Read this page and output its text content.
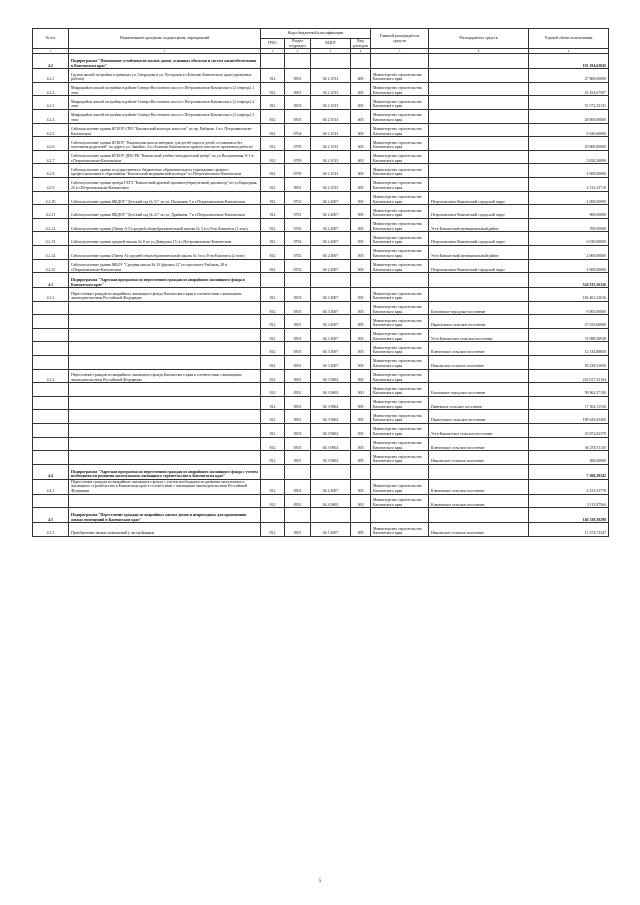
№ п/п	Наименование программ, подпрограмм, мероприятий	Коды бюджетной классификации				Главный распорядитель средств	Распорядитель средств	Годовой объем ассигнования
		ГРБС	Раздел подраздел	КЦСР	Вид расходов			
1	2	3	4	5	6	7	8	9
4.2	Подпрограмма "Повышение устойчивости жилых домов, основных объектов и систем жизнеобеспечения в Камчатском крае"							191 104,63845
4.2.1	Группа жилой застройки в границах ул. Свердлова и ул. Хуторская в г.Елизово Камчатского края (проектные работы)	812	0501	04 2 1013	400	Министерство строительства Камчатского края		27 800,00000
4.2.2	Микрорайон жилой застройки в районе Северо-Восточного шоссе г.Петропавловск-Камчатского (2 очередь) 1 этап	812	0501	04 2 1013	400	Министерство строительства Камчатского края		41 454,67507
4.2.3	Микрорайон жилой застройки в районе Северо-Восточного шоссе г.Петропавловск-Камчатского (2 очередь) 2 этап	812	0501	04 2 1013	400	Министерство строительства Камчатского края		51 572,33131
4.2.4	Микрорайон жилой застройки в районе Северо-Восточного шоссе г.Петропавловск-Камчатского (2 очередь) 3 этап	812	0501	04 2 1013	400	Министерство строительства Камчатского края		20 000,00000
4.2.5	Сейсмоусиление здания КГБОУ СПО "Камчатский колледж искусств" по пр. Рыбаков, 1 в г. Петропавловске-Камчатском	812	0704	04 2 1013	400	Министерство строительства Камчатского края		5 630,00000
4.2.6	Сейсмоусиление здания КГКОУ "Камчатская школа-интернат для детей-сирот и детей, оставшихся без попечения родителей" по адресу ул. Завойко, 4 в г.Елизово Камчатского края (в том числе проектные работы)	812	0709	04 2 1013	400	Министерство строительства Камчатского края		10 000,00000
4.2.7	Сейсмоусиление здания КГБОУ ДПО РК "Камчатский учебно-методический центр" по ул.Пограничная, 8-1 в г.Петропавловске-Камчатском	812	0709	04 2 1013	400	Министерство строительства Камчатского края		5 824,50000
4.2.8	Сейсмоусиление здания государственного бюджетного образовательного учреждения среднего профессионального образования "Камчатский медицинский колледж" в г.Петропавловске-Камчатском	812	0709	04 2 1013	400	Министерство строительства Камчатского края		2 000,00000
4.2.9	Сейсмоусиление здания центра ГБУЗ "Камчатский краевой противотуберкулезный диспансер" по ул.Карьерная, 22 в г.Петропавловске-Камчатском	812	0901	04 2 1013	400	Министерство строительства Камчатского края		4 312,23710
4.2.10	Сейсмоусиление здания МБДОУ "Детский сад № 51" по ул. Пальмана, 5 в г.Петропавловске-Камчатском	812	0701	04 2 4007	500	Министерство строительства Камчатского края	Петропавловск-Камчатский городской округ	2 000,00000
4.2.11	Сейсмоусиление здания МБДОУ "Детский сад № 21" по ул. Дрябкина, 7 в г.Петропавловске-Камчатском	812	0701	04 2 4007	500	Министерство строительства Камчатского края	Петропавловск-Камчатский городской округ	900,00000
4.2.12	Сейсмоусиление здания (Литер А-5) средней общеобразовательной школы № 5 в п.Усть-Камчатск (1 этап)	812	0702	04 2 4007	500	Министерство строительства Камчатского края	Усть-Камчатский муниципальный район	700,00000
4.2.13	Сейсмоусиление здания средней школы № 8 по ул.Давыдова 15, в г.Петропавловске-Камчатском	812	0702	04 2 4007	500	Министерство строительства Камчатского края	Петропавловск-Камчатский городской округ	6 030,00000
4.2.14	Сейсмоусиление здания (Литер А) средней общеобразовательной школы № 5 в п.Усть-Камчатск (2 этап)	812	0702	04 2 4007	500	Министерство строительства Камчатского края	Усть-Камчатский муниципальный район	2 000,00000
4.2.15	Сейсмоусиление здания МБОУ "Средняя школа № 33 (филиал 2)" по проспекту Рыбаков, 28 в г.Петропавловске-Камчатском	812	0702	04 2 4007	500	Министерство строительства Камчатского края	Петропавловск-Камчатский городской округ	2 000,00000
4.3	Подпрограмма "Адресная программа по переселению граждан из аварийного жилищного фонда в Камчатском крае"							524 915,56326
4.3.1	Переселение граждан из аварийного жилищного фонда Камчатского края в соответствии с жилищным законодательством Российской Федерации	812	0501	04 3 4007	500	Министерство строительства Камчатского края		182 401,52016
		812	0501	04 3 4007	500	Министерство строительства Камчатского края	Елизовское городское поселение	9 005,60000
		812	0501	04 3 4007	500	Министерство строительства Камчатского края	Паратунское сельское поселение	27 033,60000
		812	0501	04 3 4007	500	Министерство строительства Камчатского края	Усть-Камчатское сельское поселение	74 988,56928
		812	0501	04 3 4007	500	Министерство строительства Камчатского края	Ключевское сельское поселение	12 134,88858
		812	0501	04 3 4007	500	Министерство строительства Камчатского края	Никольское сельское поселение	59 239,51650
4.3.2	Переселение граждан из аварийного жилищного фонда Камчатского края в соответствии с жилищным законодательством Российской Федерации	812	0501	04 3 9602	500	Министерство строительства Камчатского края		243 617,32164
		812	0501	04 3 9602	500	Министерство строительства Камчатского края	Елизовское городское поселение	50 962,37150
		812	0501	04 3 9602	500	Министерство строительства Камчатского края	Пиневское сельское поселение	17 502,11530
		812	0501	04 3 9602	500	Министерство строительства Камчатского края	Паратунское сельское поселение	189 643,05460
		812	0501	04 3 9602	500	Министерство строительства Камчатского края	Усть-Камчатское сельское поселение	33 872,02379
		812	0501	04 3 9602	500	Министерство строительства Камчатского края	Ключевское сельское поселение	36 278,51135
		812	0501	04 3 9602	500	Министерство строительства Камчатского края	Никольское сельское поселение	360,00000
4.4	Подпрограмма "Адресная программа по переселению граждан из аварийного жилищного фонда с учетом необходимости развития малоэтажного жилищного строительства в Камчатском крае"							7 268,29342
4.4.1	Переселение граждан из аварийного жилищного фонда с учетом необходимости развития малоэтажного жилищного строительства в Камчатском крае в соответствии с жилищным законодательством Российской Федерации	812	0501	04 4 4007	500	Министерство строительства Камчатского края	Ключевское сельское поселение	4 153,31778
		812	0501	04 4 9602	500	Министерство строительства Камчатского края	Ключевское сельское поселение	3 115,97564
4.5	Подпрограмма "Переселение граждан из аварийных жилых домов и непригодных для проживания жилых помещений в Камчатском крае"							146 339,38298
4.5.1	Приобретение жилых помещений у застройщиков	812	0501	04 5 4007	500	Министерство строительства Камчатского края	Никольское сельское поселение	11 474,72347
5
